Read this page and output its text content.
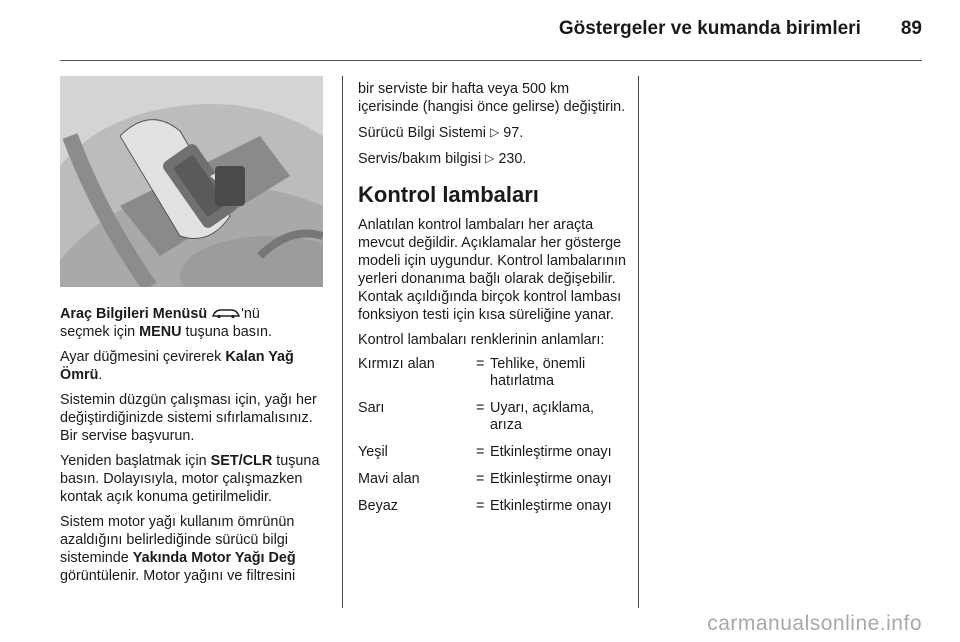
Göstergeler ve kumanda birimleri 89

Araç Bilgileri Menüsü 'nü
seçmek için MENU tuşuna basın.

Ayar düğmesini çevirerek Kalan Yağ Ömrü.

Sistemin düzgün çalışması için, yağı her değiştirdiğinizde sistemi sıfırlamalısınız. Bir servise başvurun.

Yeniden başlatmak için SET/CLR tuşuna basın. Dolayısıyla, motor çalışmazken kontak açık konuma getirilmelidir.

Sistem motor yağı kullanım ömrünün azaldığını belirlediğinde sürücü bilgi sisteminde Yakında Motor Yağı Değ görüntülenir. Motor yağını ve filtresini

bir serviste bir hafta veya 500 km içerisinde (hangisi önce gelirse) değiştirin.

Sürücü Bilgi Sistemi ▷ 97.

Servis/bakım bilgisi ▷ 230.

Kontrol lambaları

Anlatılan kontrol lambaları her araçta mevcut değildir. Açıklamalar her gösterge modeli için uygundur. Kontrol lambalarının yerleri donanıma bağlı olarak değişebilir. Kontak açıldığında birçok kontrol lambası fonksiyon testi için kısa süreliğine yanar.

Kontrol lambaları renklerinin anlamları:

Kırmızı alan	=	Tehlike, önemli hatırlatma
Sarı	=	Uyarı, açıklama, arıza
Yeşil	=	Etkinleştirme onayı
Mavi alan	=	Etkinleştirme onayı
Beyaz	=	Etkinleştirme onayı
carmanualsonline.info
